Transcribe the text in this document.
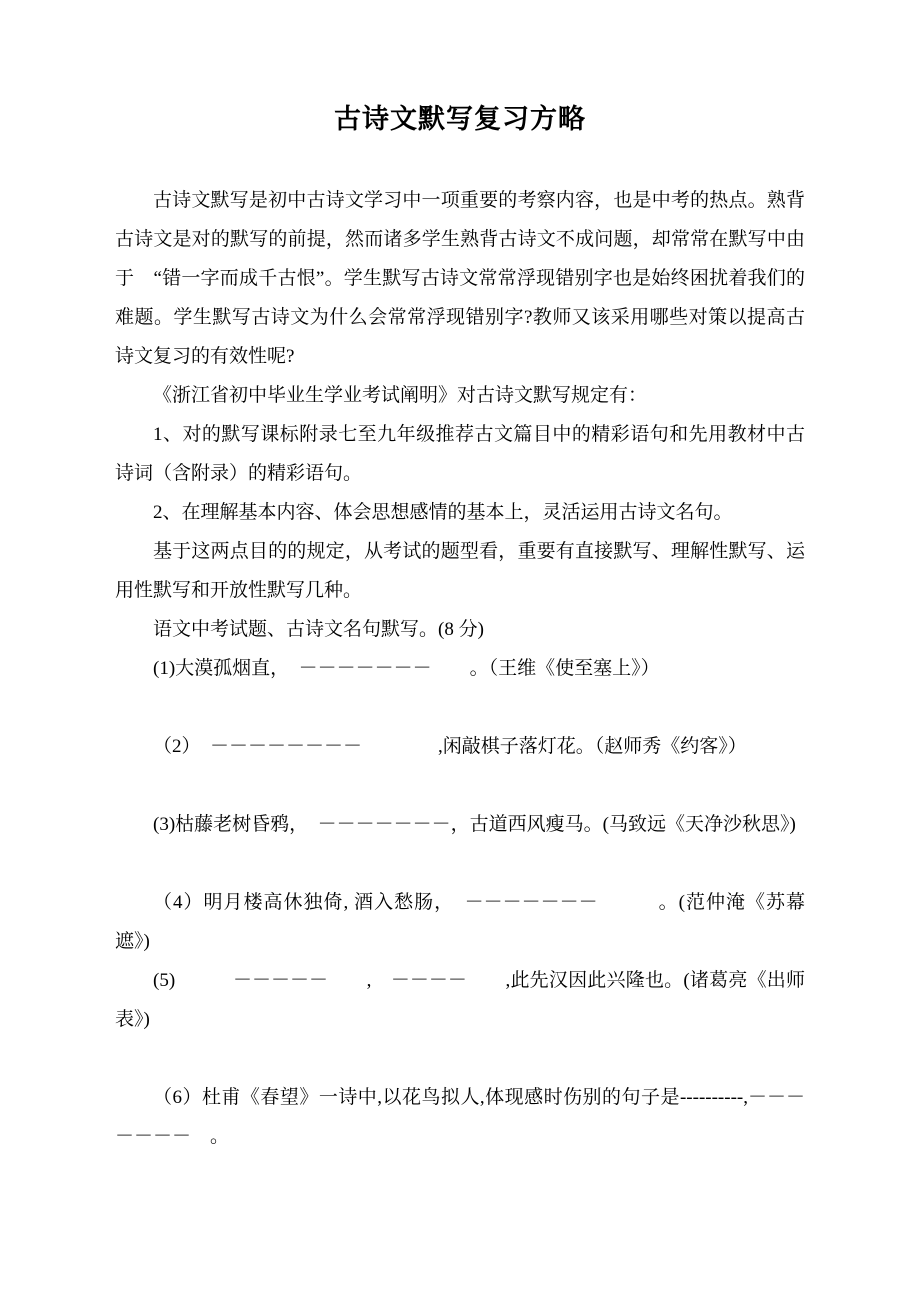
古诗文默写复习方略

古诗文默写是初中古诗文学习中一项重要的考察内容，也是中考的热点。熟背古诗文是对的默写的前提，然而诸多学生熟背古诗文不成问题，却常常在默写中由于　“错一字而成千古恨”。学生默写古诗文常常浮现错别字也是始终困扰着我们的难题。学生默写古诗文为什么会常常浮现错别字?教师又该采用哪些对策以提高古诗文复习的有效性呢?

《浙江省初中毕业生学业考试阐明》对古诗文默写规定有：

1、对的默写课标附录七至九年级推荐古文篇目中的精彩语句和先用教材中古诗词（含附录）的精彩语句。

2、在理解基本内容、体会思想感情的基本上，灵活运用古诗文名句。

基于这两点目的的规定，从考试的题型看，重要有直接默写、理解性默写、运用性默写和开放性默写几种。

语文中考试题、古诗文名句默写。(8 分)

(1)大漠孤烟直，　－－－－－－－　　。（王维《使至塞上》）

（2）　－－－－－－－－　　　　,闲敲棋子落灯花。（赵师秀《约客》）

(3)枯藤老树昏鸦，　－－－－－－－，古道西风瘦马。(马致远《天净沙秋思》)

（4）明月楼高休独倚, 酒入愁肠，　－－－－－－－　　　。(范仲淹《苏幕遮》)

(5)　　　－－－－－　　,　－－－－　　,此先汉因此兴隆也。(诸葛亮《出师表》)

（6）杜甫《春望》一诗中,以花鸟拟人,体现感时伤别的句子是----------,－－－－－－－　。
